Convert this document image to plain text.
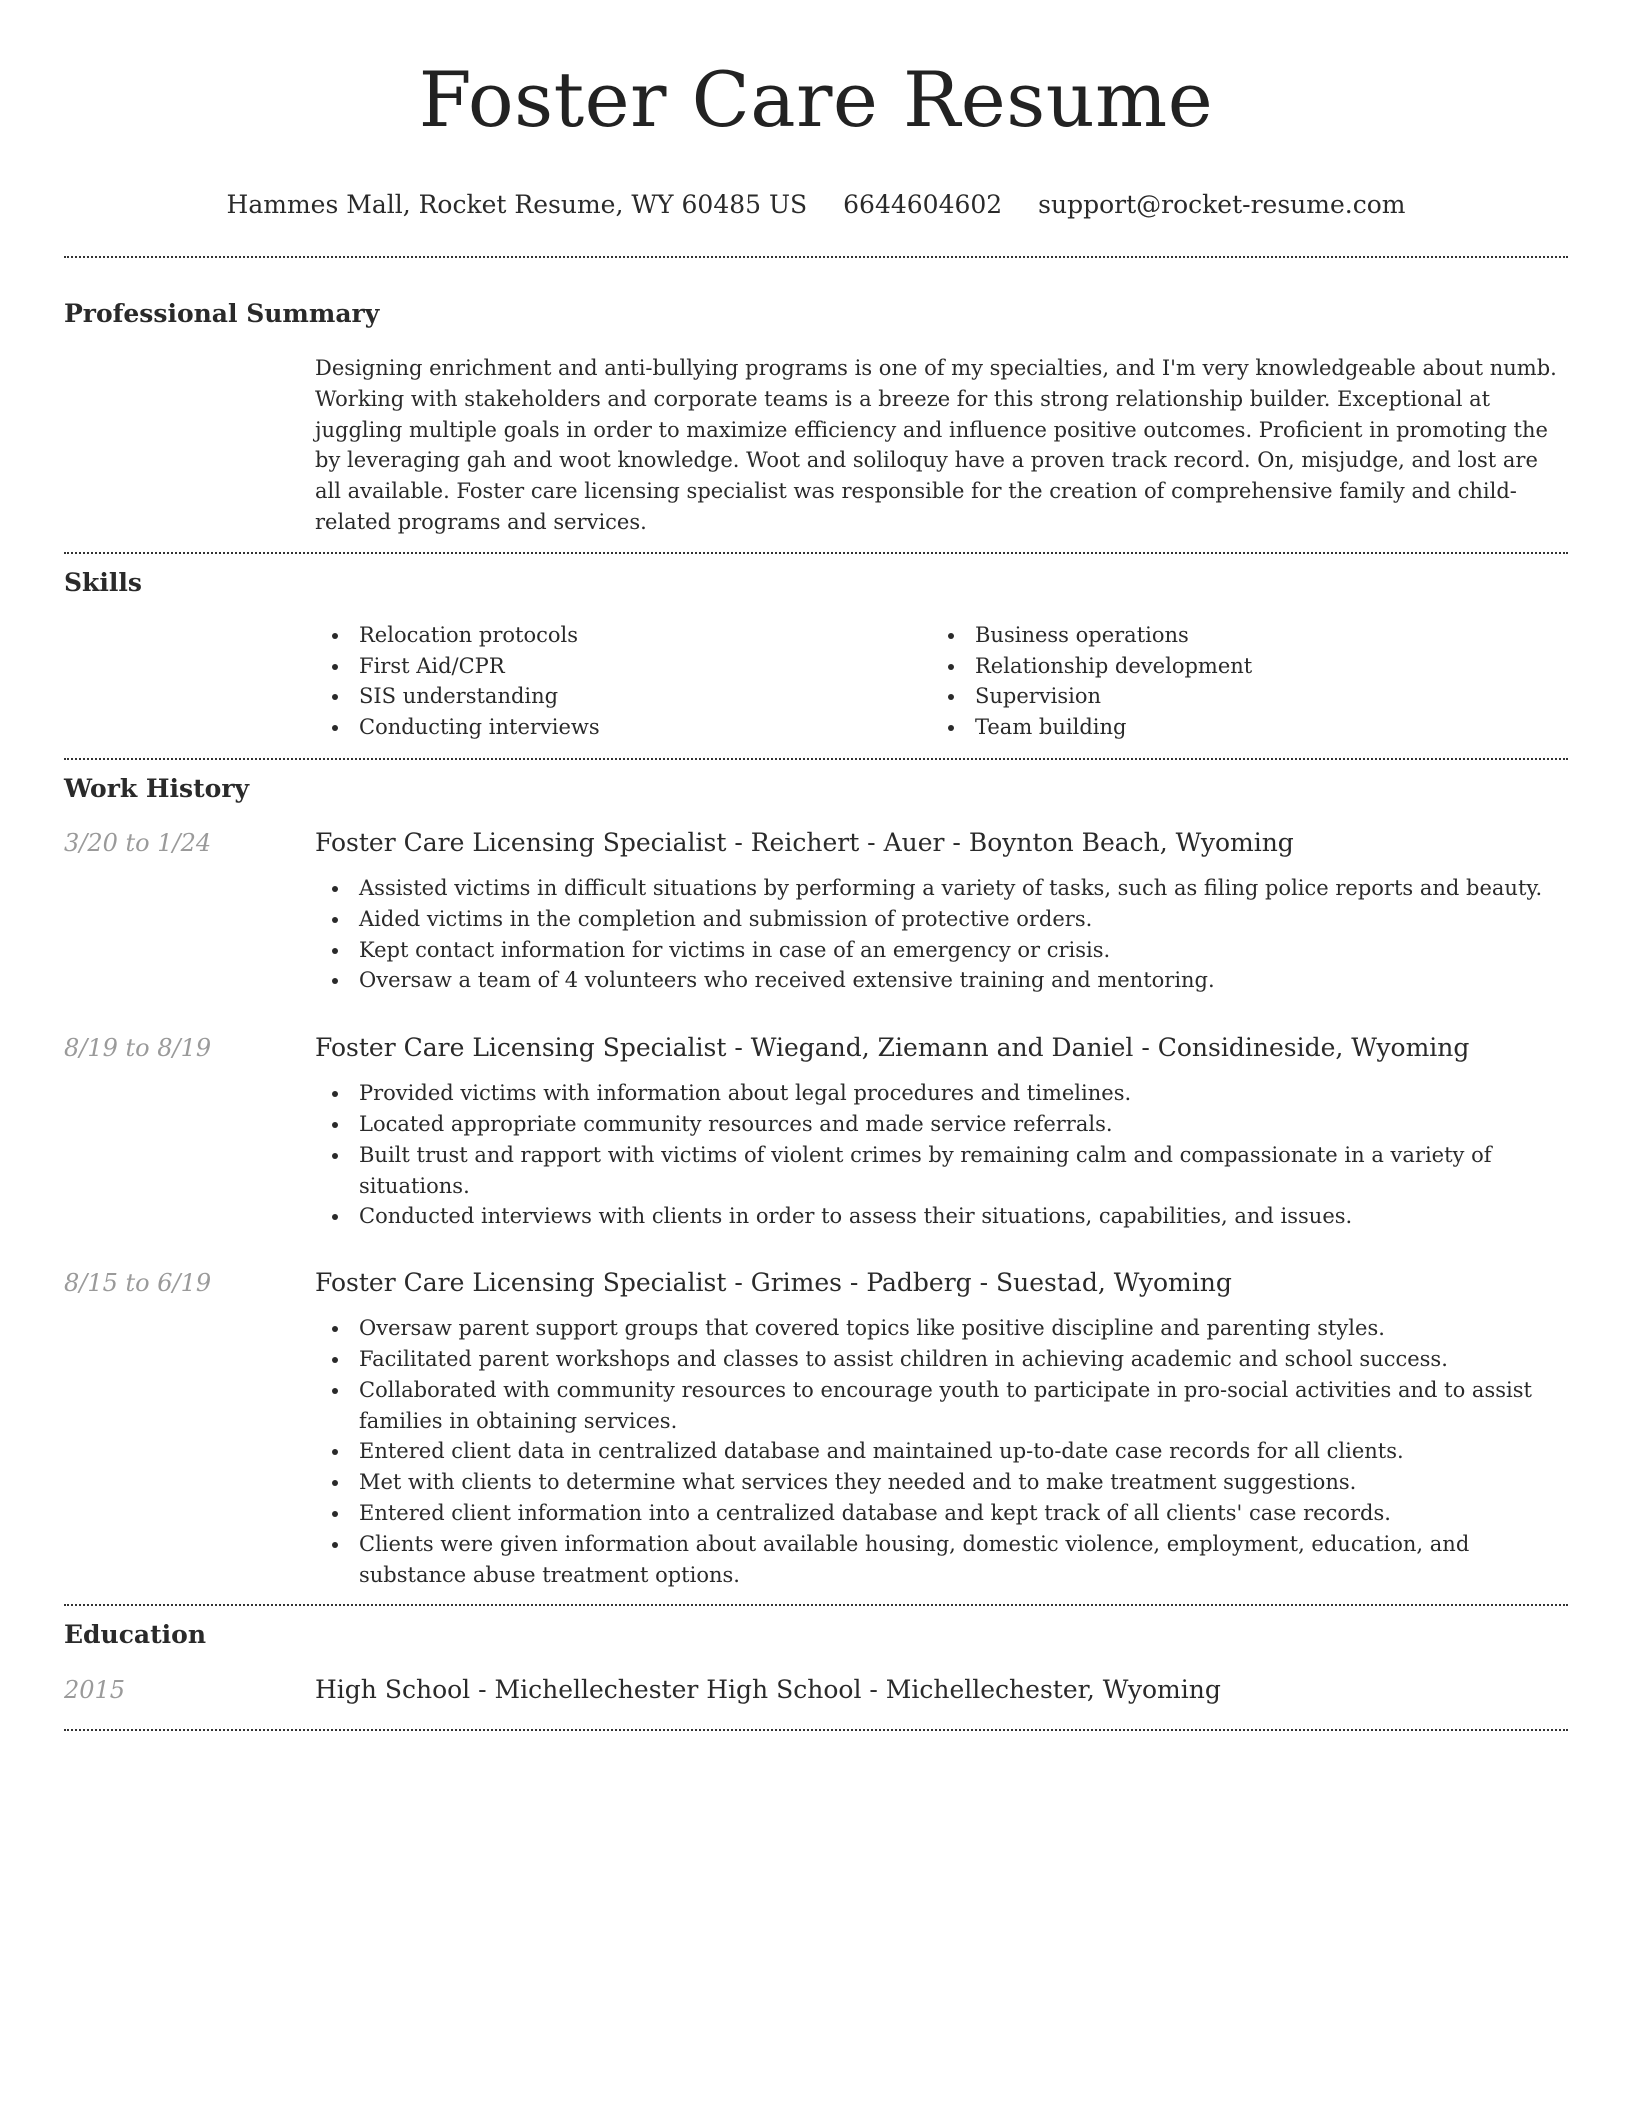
Foster Care Resume
Hammes Mall, Rocket Resume, WY 60485 US 6644604602 support@rocket-resume.com
Professional Summary

Designing enrichment and anti-bullying programs is one of my specialties, and I'm very knowledgeable about numb. Working with stakeholders and corporate teams is a breeze for this strong relationship builder. Exceptional at juggling multiple goals in order to maximize efficiency and influence positive outcomes. Proficient in promoting the by leveraging gah and woot knowledge. Woot and soliloquy have a proven track record. On, misjudge, and lost are all available. Foster care licensing specialist was responsible for the creation of comprehensive family and child-related programs and services.

Skills
Relocation protocols
First Aid/CPR
SIS understanding
Conducting interviews
Business operations
Relationship development
Supervision
Team building
Work History
3/20 to 1/24	Foster Care Licensing Specialist - Reichert - Auer - Boynton Beach, Wyoming
Assisted victims in difficult situations by performing a variety of tasks, such as filing police reports and beauty.
Aided victims in the completion and submission of protective orders.
Kept contact information for victims in case of an emergency or crisis.
Oversaw a team of 4 volunteers who received extensive training and mentoring.
8/19 to 8/19	Foster Care Licensing Specialist - Wiegand, Ziemann and Daniel - Considineside, Wyoming
Provided victims with information about legal procedures and timelines.
Located appropriate community resources and made service referrals.
Built trust and rapport with victims of violent crimes by remaining calm and compassionate in a variety of situations.
Conducted interviews with clients in order to assess their situations, capabilities, and issues.
8/15 to 6/19	Foster Care Licensing Specialist - Grimes - Padberg - Suestad, Wyoming
Oversaw parent support groups that covered topics like positive discipline and parenting styles.
Facilitated parent workshops and classes to assist children in achieving academic and school success.
Collaborated with community resources to encourage youth to participate in pro-social activities and to assist families in obtaining services.
Entered client data in centralized database and maintained up-to-date case records for all clients.
Met with clients to determine what services they needed and to make treatment suggestions.
Entered client information into a centralized database and kept track of all clients' case records.
Clients were given information about available housing, domestic violence, employment, education, and substance abuse treatment options.
Education
2015	High School - Michellechester High School - Michellechester, Wyoming
